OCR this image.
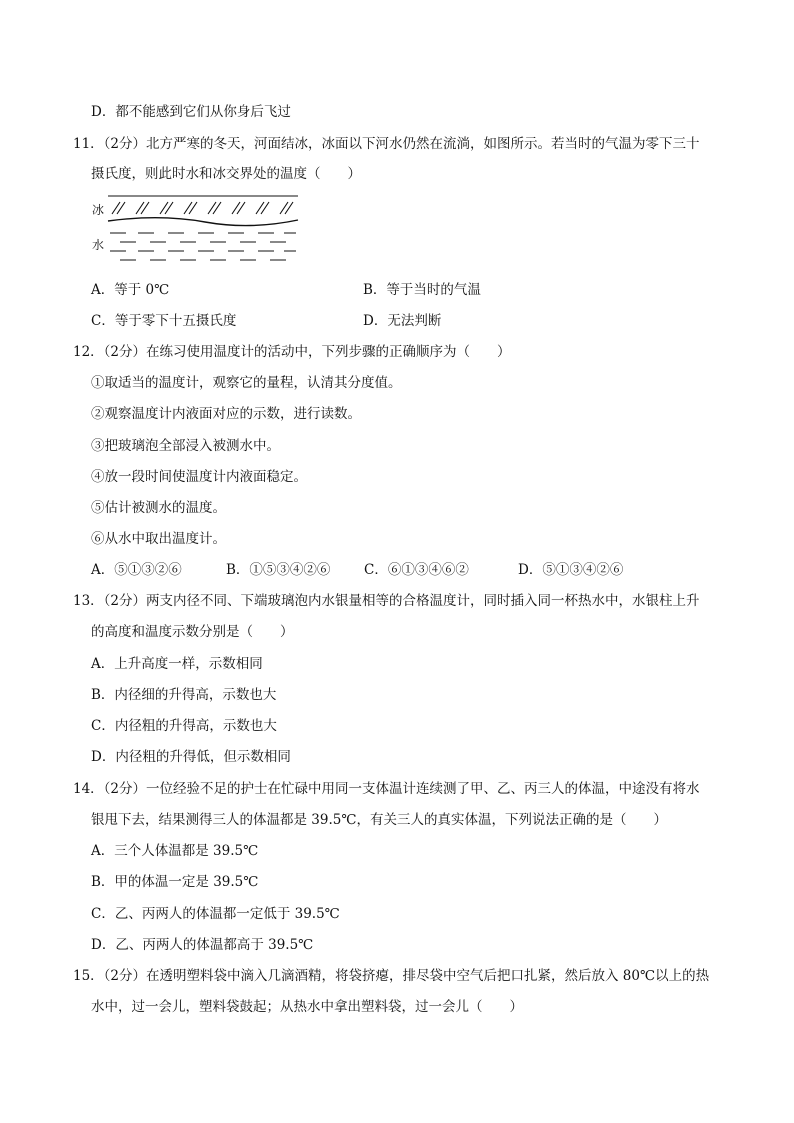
D．都不能感到它们从你身后飞过
11．（2分）北方严寒的冬天，河面结冰，冰面以下河水仍然在流淌，如图所示。若当时的气温为零下三十
摄氏度，则此时水和冰交界处的温度（　　）
冰
水
A．等于 0℃	B．等于当时的气温
C．等于零下十五摄氏度	D．无法判断
12．（2分）在练习使用温度计的活动中，下列步骤的正确顺序为（　　）
①取适当的温度计，观察它的量程，认清其分度值。
②观察温度计内液面对应的示数，进行读数。
③把玻璃泡全部浸入被测水中。
④放一段时间使温度计内液面稳定。
⑤估计被测水的温度。
⑥从水中取出温度计。
A．⑤①③②⑥	B．①⑤③④②⑥ C．⑥①③④⑥②	D．⑤①③④②⑥
13．（2分）两支内径不同、下端玻璃泡内水银量相等的合格温度计，同时插入同一杯热水中，水银柱上升
的高度和温度示数分别是（　　）
A．上升高度一样，示数相同
B．内径细的升得高，示数也大
C．内径粗的升得高，示数也大
D．内径粗的升得低，但示数相同
14．（2分）一位经验不足的护士在忙碌中用同一支体温计连续测了甲、乙、丙三人的体温，中途没有将水
银甩下去，结果测得三人的体温都是 39.5℃，有关三人的真实体温，下列说法正确的是（　　）
A．三个人体温都是 39.5℃
B．甲的体温一定是 39.5℃
C．乙、丙两人的体温都一定低于 39.5℃
D．乙、丙两人的体温都高于 39.5℃
15．（2分）在透明塑料袋中滴入几滴酒精，将袋挤瘪，排尽袋中空气后把口扎紧，然后放入 80℃以上的热
水中，过一会儿，塑料袋鼓起；从热水中拿出塑料袋，过一会儿（　　）
